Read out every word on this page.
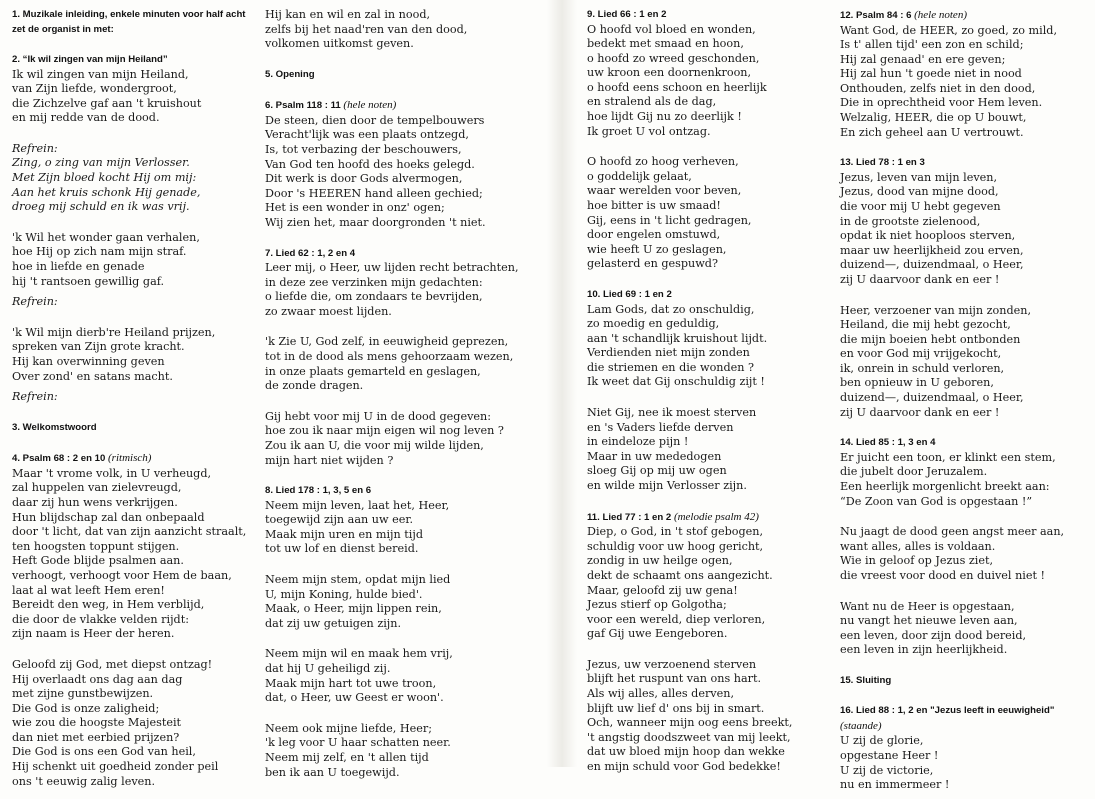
1. Muzikale inleiding, enkele minuten voor half acht
zet de organist in met:
2. “Ik wil zingen van mijn Heiland”
Ik wil zingen van mijn Heiland,
van Zijn liefde, wondergroot,
die Zichzelve gaf aan 't kruishout
en mij redde van de dood.
Refrein:
Zing, o zing van mijn Verlosser.
Met Zijn bloed kocht Hij om mij:
Aan het kruis schonk Hij genade,
droeg mij schuld en ik was vrij.
'k Wil het wonder gaan verhalen,
hoe Hij op zich nam mijn straf.
hoe in liefde en genade
hij 't rantsoen gewillig gaf.
Refrein:
'k Wil mijn dierb're Heiland prijzen,
spreken van Zijn grote kracht.
Hij kan overwinning geven
Over zond' en satans macht.
Refrein:
3. Welkomstwoord
4. Psalm 68 : 2 en 10 (ritmisch)
Maar 't vrome volk, in U verheugd,
zal huppelen van zielevreugd,
daar zij hun wens verkrijgen.
Hun blijdschap zal dan onbepaald
door 't licht, dat van zijn aanzicht straalt,
ten hoogsten toppunt stijgen.
Heft Gode blijde psalmen aan.
verhoogt, verhoogt voor Hem de baan,
laat al wat leeft Hem eren!
Bereidt den weg, in Hem verblijd,
die door de vlakke velden rijdt:
zijn naam is Heer der heren.
Geloofd zij God, met diepst ontzag!
Hij overlaadt ons dag aan dag
met zijne gunstbewijzen.
Die God is onze zaligheid;
wie zou die hoogste Majesteit
dan niet met eerbied prijzen?
Die God is ons een God van heil,
Hij schenkt uit goedheid zonder peil
ons 't eeuwig zalig leven.
Hij kan en wil en zal in nood,
zelfs bij het naad'ren van den dood,
volkomen uitkomst geven.
5. Opening
6. Psalm 118 : 11 (hele noten)
De steen, dien door de tempelbouwers
Veracht'lijk was een plaats ontzegd,
Is, tot verbazing der beschouwers,
Van God ten hoofd des hoeks gelegd.
Dit werk is door Gods alvermogen,
Door 's HEEREN hand alleen gechied;
Het is een wonder in onz' ogen;
Wij zien het, maar doorgronden 't niet.
7. Lied 62 : 1, 2 en 4
Leer mij, o Heer, uw lijden recht betrachten,
in deze zee verzinken mijn gedachten:
o liefde die, om zondaars te bevrijden,
zo zwaar moest lijden.
'k Zie U, God zelf, in eeuwigheid geprezen,
tot in de dood als mens gehoorzaam wezen,
in onze plaats gemarteld en geslagen,
de zonde dragen.
Gij hebt voor mij U in de dood gegeven:
hoe zou ik naar mijn eigen wil nog leven ?
Zou ik aan U, die voor mij wilde lijden,
mijn hart niet wijden ?
8. Lied 178 : 1, 3, 5 en 6
Neem mijn leven, laat het, Heer,
toegewijd zijn aan uw eer.
Maak mijn uren en mijn tijd
tot uw lof en dienst bereid.
Neem mijn stem, opdat mijn lied
U, mijn Koning, hulde bied'.
Maak, o Heer, mijn lippen rein,
dat zij uw getuigen zijn.
Neem mijn wil en maak hem vrij,
dat hij U geheiligd zij.
Maak mijn hart tot uwe troon,
dat, o Heer, uw Geest er woon'.
Neem ook mijne liefde, Heer;
'k leg voor U haar schatten neer.
Neem mij zelf, en 't allen tijd
ben ik aan U toegewijd.
9. Lied 66 : 1 en 2
O hoofd vol bloed en wonden,
bedekt met smaad en hoon,
o hoofd zo wreed geschonden,
uw kroon een doornenkroon,
o hoofd eens schoon en heerlijk
en stralend als de dag,
hoe lijdt Gij nu zo deerlijk !
Ik groet U vol ontzag.
O hoofd zo hoog verheven,
o goddelijk gelaat,
waar werelden voor beven,
hoe bitter is uw smaad!
Gij, eens in 't licht gedragen,
door engelen omstuwd,
wie heeft U zo geslagen,
gelasterd en gespuwd?
10. Lied 69 : 1 en 2
Lam Gods, dat zo onschuldig,
zo moedig en geduldig,
aan 't schandlijk kruishout lijdt.
Verdienden niet mijn zonden
die striemen en die wonden ?
Ik weet dat Gij onschuldig zijt !
Niet Gij, nee ik moest sterven
en 's Vaders liefde derven
in eindeloze pijn !
Maar in uw mededogen
sloeg Gij op mij uw ogen
en wilde mijn Verlosser zijn.
11. Lied 77 : 1 en 2 (melodie psalm 42)
Diep, o God, in 't stof gebogen,
schuldig voor uw hoog gericht,
zondig in uw heilge ogen,
dekt de schaamt ons aangezicht.
Maar, geloofd zij uw gena!
Jezus stierf op Golgotha;
voor een wereld, diep verloren,
gaf Gij uwe Eengeboren.
Jezus, uw verzoenend sterven
blijft het ruspunt van ons hart.
Als wij alles, alles derven,
blijft uw lief d' ons bij in smart.
Och, wanneer mijn oog eens breekt,
't angstig doodszweet van mij leekt,
dat uw bloed mijn hoop dan wekke
en mijn schuld voor God bedekke!
12. Psalm 84 : 6 (hele noten)
Want God, de HEER, zo goed, zo mild,
Is t' allen tijd' een zon en schild;
Hij zal genaad' en ere geven;
Hij zal hun 't goede niet in nood
Onthouden, zelfs niet in den dood,
Die in oprechtheid voor Hem leven.
Welzalig, HEER, die op U bouwt,
En zich geheel aan U vertrouwt.
13. Lied 78 : 1 en 3
Jezus, leven van mijn leven,
Jezus, dood van mijne dood,
die voor mij U hebt gegeven
in de grootste zielenood,
opdat ik niet hooploos sterven,
maar uw heerlijkheid zou erven,
duizend—, duizendmaal, o Heer,
zij U daarvoor dank en eer !
Heer, verzoener van mijn zonden,
Heiland, die mij hebt gezocht,
die mijn boeien hebt ontbonden
en voor God mij vrijgekocht,
ik, onrein in schuld verloren,
ben opnieuw in U geboren,
duizend—, duizendmaal, o Heer,
zij U daarvoor dank en eer !
14. Lied 85 : 1, 3 en 4
Er juicht een toon, er klinkt een stem,
die jubelt door Jeruzalem.
Een heerlijk morgenlicht breekt aan:
“De Zoon van God is opgestaan !”
Nu jaagt de dood geen angst meer aan,
want alles, alles is voldaan.
Wie in geloof op Jezus ziet,
die vreest voor dood en duivel niet !
Want nu de Heer is opgestaan,
nu vangt het nieuwe leven aan,
een leven, door zijn dood bereid,
een leven in zijn heerlijkheid.
15. Sluiting
16. Lied 88 : 1, 2 en "Jezus leeft in eeuwigheid" (staande)
U zij de glorie,
opgestane Heer !
U zij de victorie,
nu en immermeer !
